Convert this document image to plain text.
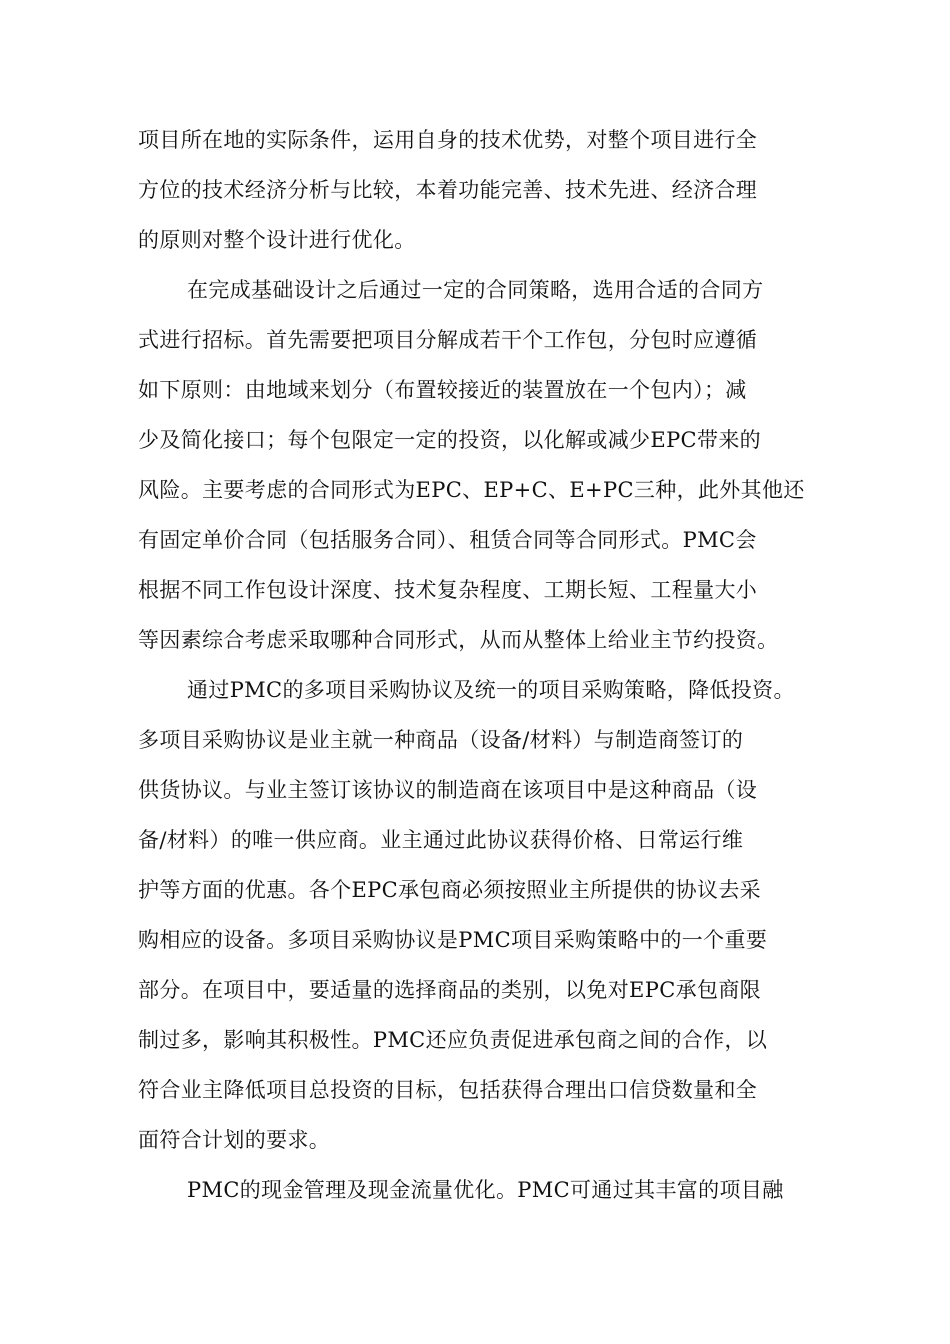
项目所在地的实际条件，运用自身的技术优势，对整个项目进行全
方位的技术经济分析与比较，本着功能完善、技术先进、经济合理
的原则对整个设计进行优化。
在完成基础设计之后通过一定的合同策略，选用合适的合同方
式进行招标。首先需要把项目分解成若干个工作包，分包时应遵循
如下原则：由地域来划分（布置较接近的装置放在一个包内）；减
少及简化接口；每个包限定一定的投资，以化解或减少EPC带来的
风险。主要考虑的合同形式为EPC、EP+C、E+PC三种，此外其他还
有固定单价合同（包括服务合同）、租赁合同等合同形式。PMC会
根据不同工作包设计深度、技术复杂程度、工期长短、工程量大小
等因素综合考虑采取哪种合同形式，从而从整体上给业主节约投资。
通过PMC的多项目采购协议及统一的项目采购策略，降低投资。
多项目采购协议是业主就一种商品（设备/材料）与制造商签订的
供货协议。与业主签订该协议的制造商在该项目中是这种商品（设
备/材料）的唯一供应商。业主通过此协议获得价格、日常运行维
护等方面的优惠。各个EPC承包商必须按照业主所提供的协议去采
购相应的设备。多项目采购协议是PMC项目采购策略中的一个重要
部分。在项目中，要适量的选择商品的类别，以免对EPC承包商限
制过多，影响其积极性。PMC还应负责促进承包商之间的合作，以
符合业主降低项目总投资的目标，包括获得合理出口信贷数量和全
面符合计划的要求。
PMC的现金管理及现金流量优化。PMC可通过其丰富的项目融
